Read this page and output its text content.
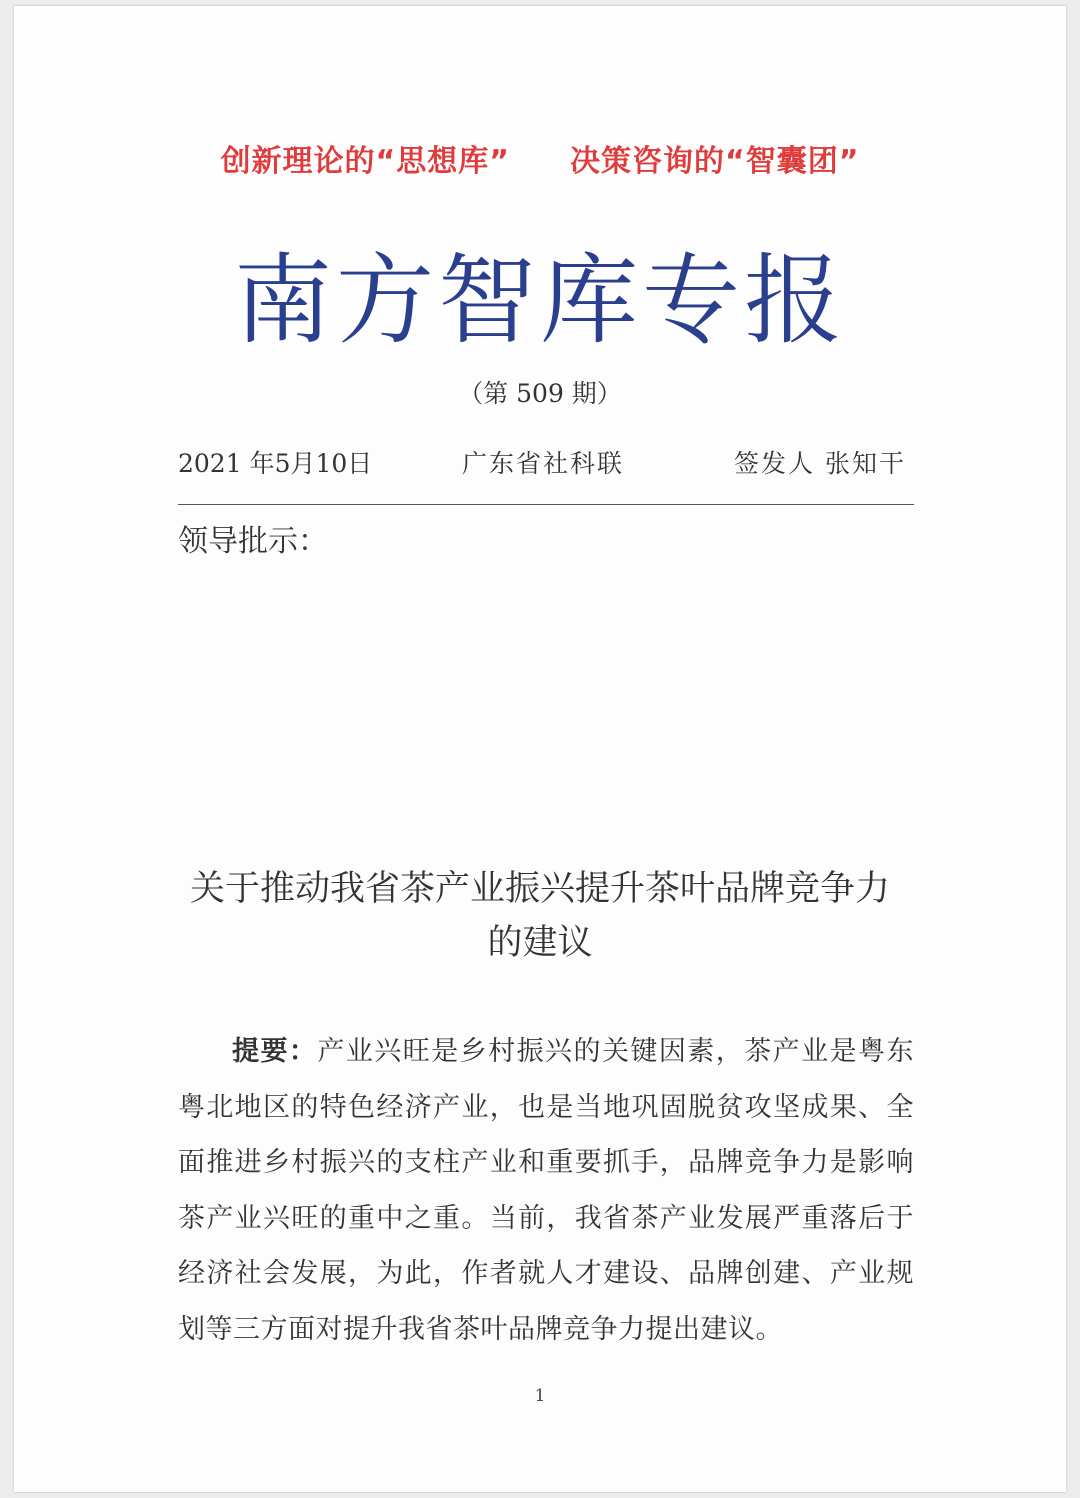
创新理论的“思想库” 决策咨询的“智囊团”
南方智库专报
（第 509 期）
2021 年5月10日	广东省社科联	签发人 张知干
领导批示：
关于推动我省茶产业振兴提升茶叶品牌竞争力
的建议
提要：产业兴旺是乡村振兴的关键因素，茶产业是粤东粤北地区的特色经济产业，也是当地巩固脱贫攻坚成果、全面推进乡村振兴的支柱产业和重要抓手，品牌竞争力是影响茶产业兴旺的重中之重。当前，我省茶产业发展严重落后于经济社会发展，为此，作者就人才建设、品牌创建、产业规划等三方面对提升我省茶叶品牌竞争力提出建议。
1
